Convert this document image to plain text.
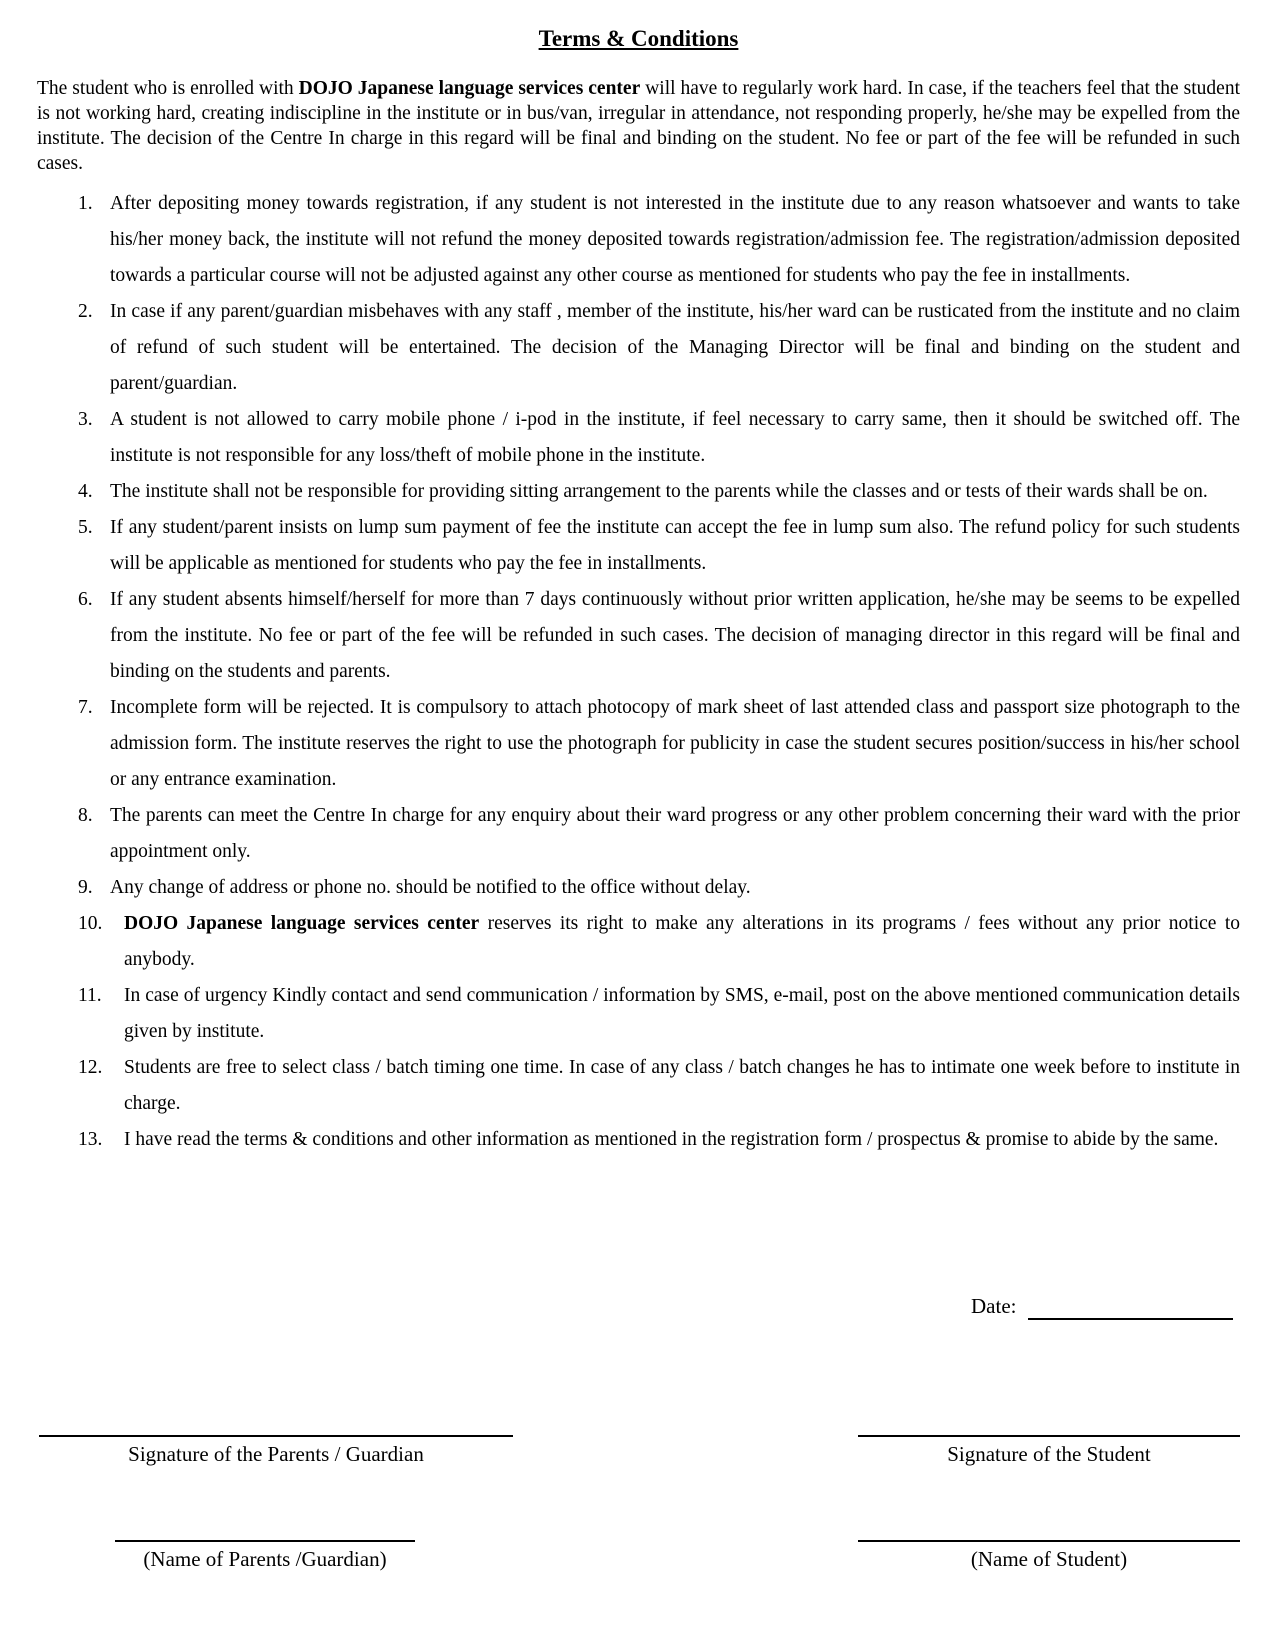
Terms & Conditions

The student who is enrolled with DOJO Japanese language services center will have to regularly work hard. In case, if the teachers feel that the student is not working hard, creating indiscipline in the institute or in bus/van, irregular in attendance, not responding properly, he/she may be expelled from the institute. The decision of the Centre In charge in this regard will be final and binding on the student. No fee or part of the fee will be refunded in such cases.

1. After depositing money towards registration, if any student is not interested in the institute due to any reason whatsoever and wants to take his/her money back, the institute will not refund the money deposited towards registration/admission fee. The registration/admission deposited towards a particular course will not be adjusted against any other course as mentioned for students who pay the fee in installments.
2. In case if any parent/guardian misbehaves with any staff , member of the institute, his/her ward can be rusticated from the institute and no claim of refund of such student will be entertained. The decision of the Managing Director will be final and binding on the student and parent/guardian.
3. A student is not allowed to carry mobile phone / i-pod in the institute, if feel necessary to carry same, then it should be switched off. The institute is not responsible for any loss/theft of mobile phone in the institute.
4. The institute shall not be responsible for providing sitting arrangement to the parents while the classes and or tests of their wards shall be on.
5. If any student/parent insists on lump sum payment of fee the institute can accept the fee in lump sum also. The refund policy for such students will be applicable as mentioned for students who pay the fee in installments.
6. If any student absents himself/herself for more than 7 days continuously without prior written application, he/she may be seems to be expelled from the institute. No fee or part of the fee will be refunded in such cases. The decision of managing director in this regard will be final and binding on the students and parents.
7. Incomplete form will be rejected. It is compulsory to attach photocopy of mark sheet of last attended class and passport size photograph to the admission form. The institute reserves the right to use the photograph for publicity in case the student secures position/success in his/her school or any entrance examination.
8. The parents can meet the Centre In charge for any enquiry about their ward progress or any other problem concerning their ward with the prior appointment only.
9. Any change of address or phone no. should be notified to the office without delay.
10.	DOJO Japanese language services center reserves its right to make any alterations in its programs / fees without any prior notice to anybody.
11.	In case of urgency Kindly contact and send communication / information by SMS, e-mail, post on the above mentioned communication details given by institute.
12.	Students are free to select class / batch timing one time. In case of any class / batch changes he has to intimate one week before to institute in charge.
13.	I have read the terms & conditions and other information as mentioned in the registration form / prospectus & promise to abide by the same.
Date:
Signature of the Parents / Guardian	Signature of the Student
(Name of Parents /Guardian)	(Name of Student)
